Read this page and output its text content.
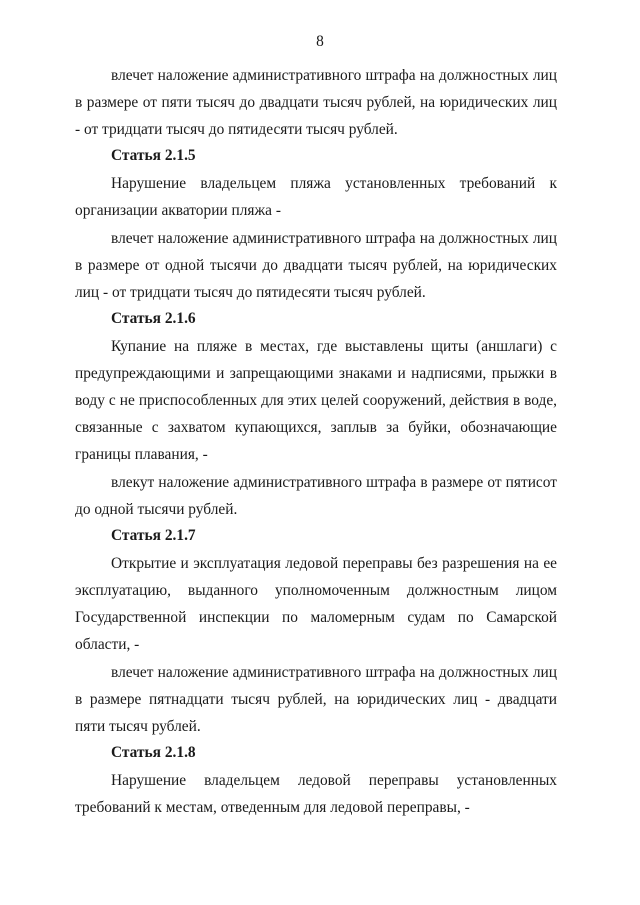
8

влечет наложение административного штрафа на должностных лиц в размере от пяти тысяч до двадцати тысяч рублей, на юридических лиц - от тридцати тысяч до пятидесяти тысяч рублей.

Статья 2.1.5

Нарушение владельцем пляжа установленных требований к организации акватории пляжа -

влечет наложение административного штрафа на должностных лиц в размере от одной тысячи до двадцати тысяч рублей, на юридических лиц - от тридцати тысяч до пятидесяти тысяч рублей.

Статья 2.1.6

Купание на пляже в местах, где выставлены щиты (аншлаги) с предупреждающими и запрещающими знаками и надписями, прыжки в воду с не приспособленных для этих целей сооружений, действия в воде, связанные с захватом купающихся, заплыв за буйки, обозначающие границы плавания, -

влекут наложение административного штрафа в размере от пятисот до одной тысячи рублей.

Статья 2.1.7

Открытие и эксплуатация ледовой переправы без разрешения на ее эксплуатацию, выданного уполномоченным должностным лицом Государственной инспекции по маломерным судам по Самарской области, -

влечет наложение административного штрафа на должностных лиц в размере пятнадцати тысяч рублей, на юридических лиц - двадцати пяти тысяч рублей.

Статья 2.1.8

Нарушение владельцем ледовой переправы установленных требований к местам, отведенным для ледовой переправы, -
